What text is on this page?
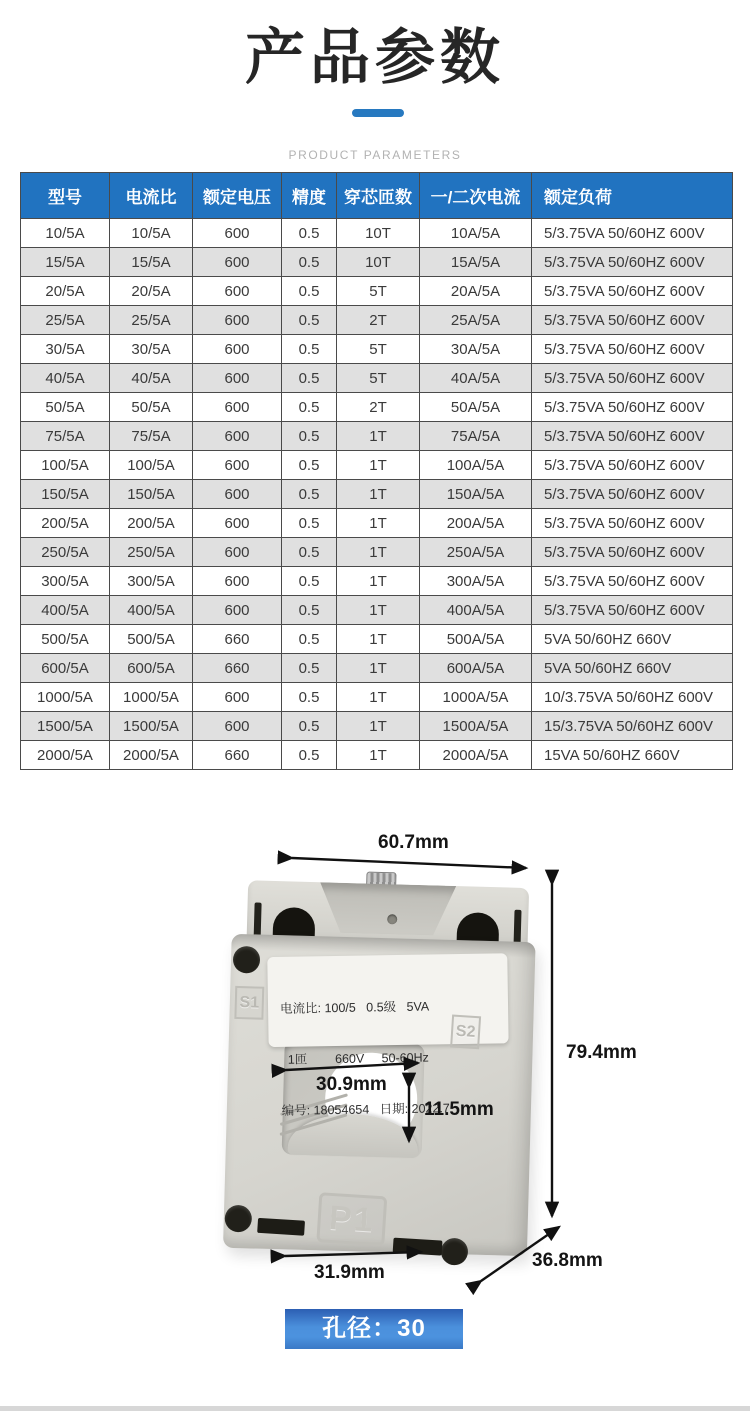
产品参数
PRODUCT PARAMETERS
型号	电流比	额定电压	精度	穿芯匝数	一/二次电流	额定负荷
10/5A	10/5A	600	0.5	10T	10A/5A	5/3.75VA 50/60HZ 600V
15/5A	15/5A	600	0.5	10T	15A/5A	5/3.75VA 50/60HZ 600V
20/5A	20/5A	600	0.5	5T	20A/5A	5/3.75VA 50/60HZ 600V
25/5A	25/5A	600	0.5	2T	25A/5A	5/3.75VA 50/60HZ 600V
30/5A	30/5A	600	0.5	5T	30A/5A	5/3.75VA 50/60HZ 600V
40/5A	40/5A	600	0.5	5T	40A/5A	5/3.75VA 50/60HZ 600V
50/5A	50/5A	600	0.5	2T	50A/5A	5/3.75VA 50/60HZ 600V
75/5A	75/5A	600	0.5	1T	75A/5A	5/3.75VA 50/60HZ 600V
100/5A	100/5A	600	0.5	1T	100A/5A	5/3.75VA 50/60HZ 600V
150/5A	150/5A	600	0.5	1T	150A/5A	5/3.75VA 50/60HZ 600V
200/5A	200/5A	600	0.5	1T	200A/5A	5/3.75VA 50/60HZ 600V
250/5A	250/5A	600	0.5	1T	250A/5A	5/3.75VA 50/60HZ 600V
300/5A	300/5A	600	0.5	1T	300A/5A	5/3.75VA 50/60HZ 600V
400/5A	400/5A	600	0.5	1T	400A/5A	5/3.75VA 50/60HZ 600V
500/5A	500/5A	660	0.5	1T	500A/5A	5VA 50/60HZ 660V
600/5A	600/5A	660	0.5	1T	600A/5A	5VA 50/60HZ 660V
1000/5A	1000/5A	600	0.5	1T	1000A/5A	10/3.75VA 50/60HZ 600V
1500/5A	1500/5A	600	0.5	1T	1500A/5A	15/3.75VA 50/60HZ 600V
2000/5A	2000/5A	660	0.5	1T	2000A/5A	15VA 50/60HZ 660V

电流比: 100/5   0.5级   5VA

1匝        660V     50-60Hz

编号: 18054654   日期: 2022.7

S1
S2
P1
60.7mm
79.4mm
30.9mm
11.5mm
31.9mm
36.8mm
孔径：30
